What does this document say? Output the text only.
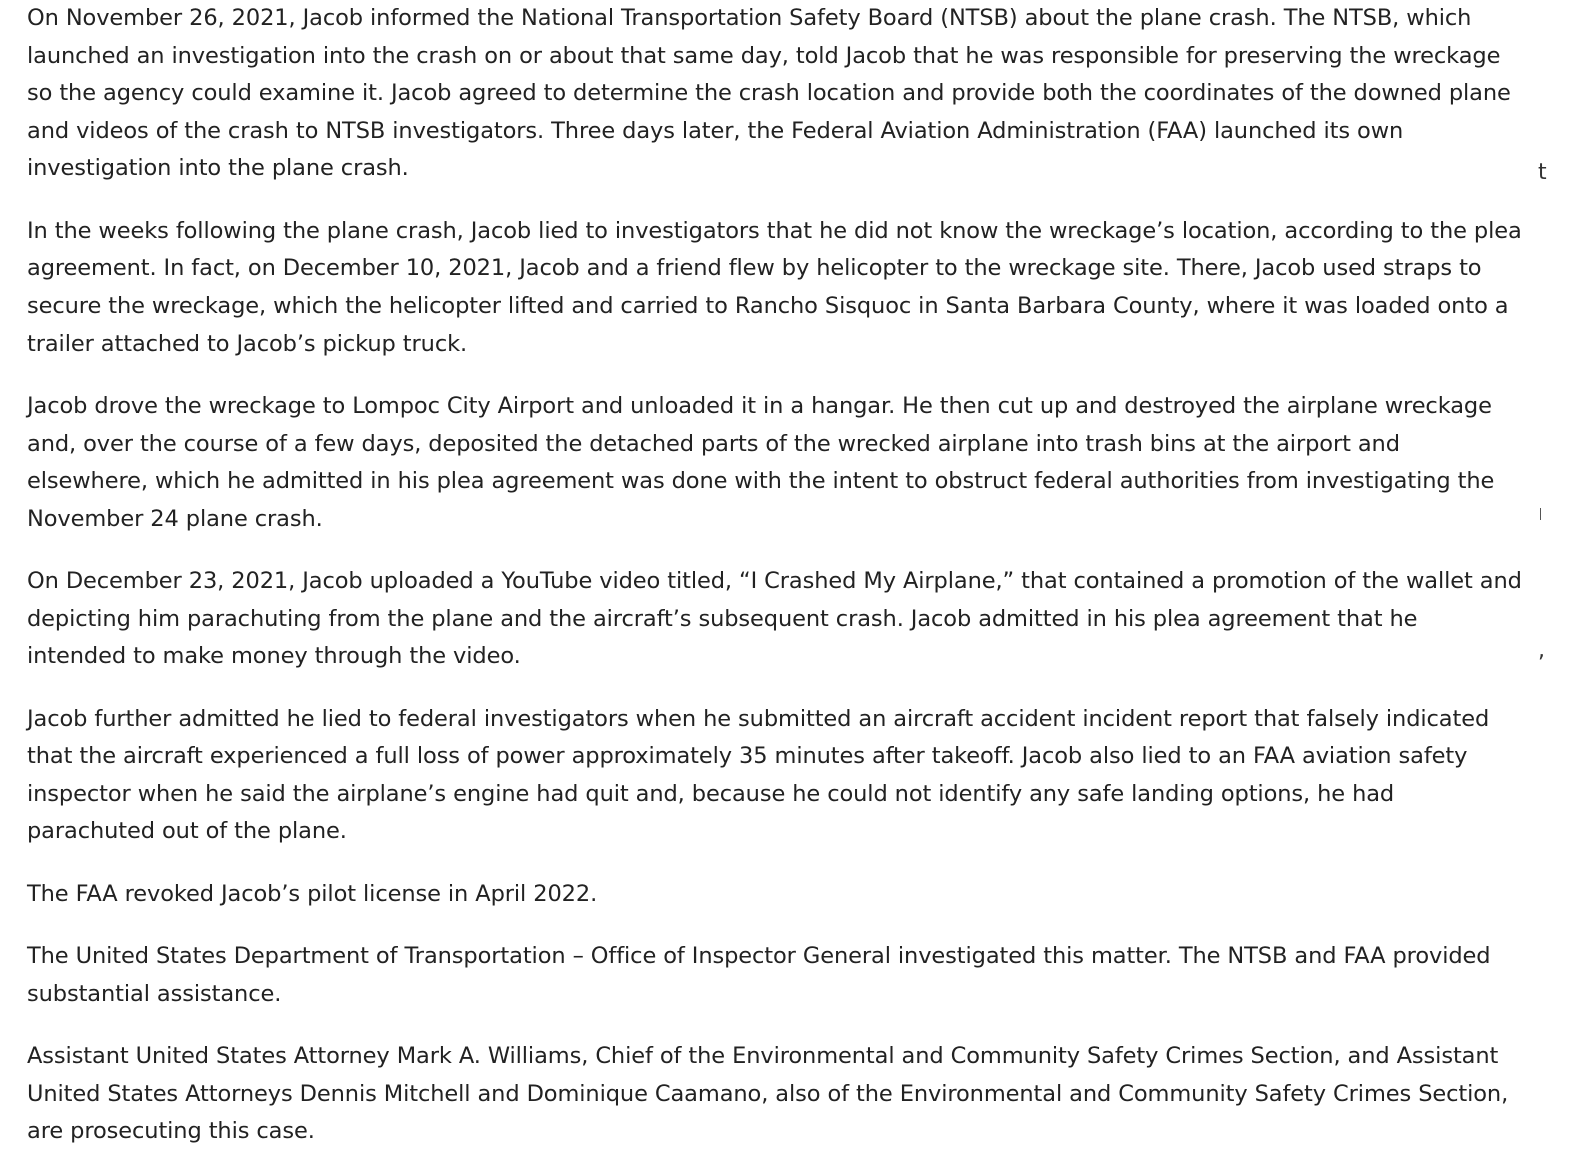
On November 26, 2021, Jacob informed the National Transportation Safety Board (NTSB) about the plane crash. The NTSB, which launched an investigation into the crash on or about that same day, told Jacob that he was responsible for preserving the wreckage so the agency could examine it. Jacob agreed to determine the crash location and provide both the coordinates of the downed plane and videos of the crash to NTSB investigators. Three days later, the Federal Aviation Administration (FAA) launched its own investigation into the plane crash.

In the weeks following the plane crash, Jacob lied to investigators that he did not know the wreckage’s location, according to the plea agreement. In fact, on December 10, 2021, Jacob and a friend flew by helicopter to the wreckage site. There, Jacob used straps to secure the wreckage, which the helicopter lifted and carried to Rancho Sisquoc in Santa Barbara County, where it was loaded onto a trailer attached to Jacob’s pickup truck.

Jacob drove the wreckage to Lompoc City Airport and unloaded it in a hangar. He then cut up and destroyed the airplane wreckage and, over the course of a few days, deposited the detached parts of the wrecked airplane into trash bins at the airport and elsewhere, which he admitted in his plea agreement was done with the intent to obstruct federal authorities from investigating the November 24 plane crash.

On December 23, 2021, Jacob uploaded a YouTube video titled, “I Crashed My Airplane,” that contained a promotion of the wallet and depicting him parachuting from the plane and the aircraft’s subsequent crash. Jacob admitted in his plea agreement that he intended to make money through the video.

Jacob further admitted he lied to federal investigators when he submitted an aircraft accident incident report that falsely indicated that the aircraft experienced a full loss of power approximately 35 minutes after takeoff. Jacob also lied to an FAA aviation safety inspector when he said the airplane’s engine had quit and, because he could not identify any safe landing options, he had parachuted out of the plane.

The FAA revoked Jacob’s pilot license in April 2022.

The United States Department of Transportation – Office of Inspector General investigated this matter. The NTSB and FAA provided substantial assistance.

Assistant United States Attorney Mark A. Williams, Chief of the Environmental and Community Safety Crimes Section, and Assistant United States Attorneys Dennis Mitchell and Dominique Caamano, also of the Environmental and Community Safety Crimes Section, are prosecuting this case.

t
,
